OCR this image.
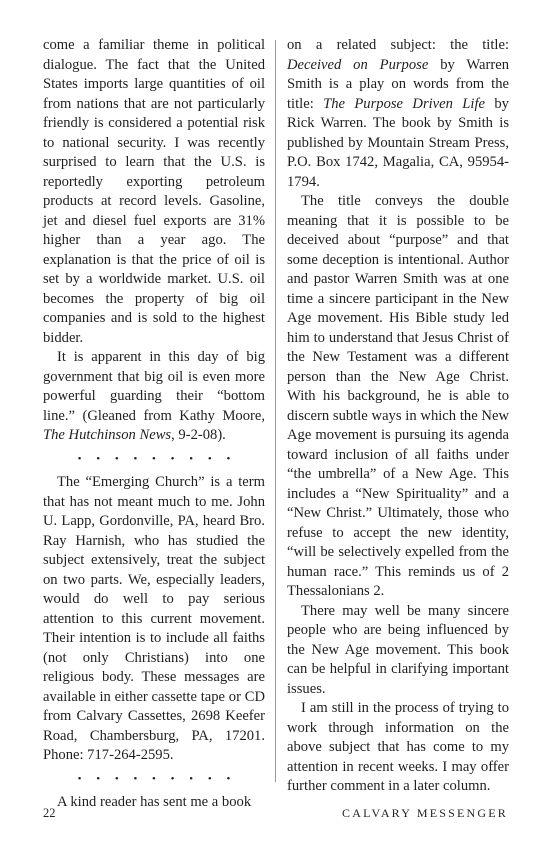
come a familiar theme in political dialogue. The fact that the United States imports large quantities of oil from nations that are not particularly friendly is considered a potential risk to national security. I was recently surprised to learn that the U.S. is reportedly exporting petroleum products at record levels. Gasoline, jet and diesel fuel exports are 31% higher than a year ago. The explanation is that the price of oil is set by a worldwide market. U.S. oil becomes the property of big oil companies and is sold to the highest bidder.

It is apparent in this day of big government that big oil is even more powerful guarding their “bottom line.” (Gleaned from Kathy Moore, The Hutchinson News, 9-2-08).

• • • • • • • • •

The “Emerging Church” is a term that has not meant much to me. John U. Lapp, Gordonville, PA, heard Bro. Ray Harnish, who has studied the subject extensively, treat the subject on two parts. We, especially leaders, would do well to pay serious attention to this current movement. Their intention is to include all faiths (not only Christians) into one religious body. These messages are available in either cassette tape or CD from Calvary Cassettes, 2698 Keefer Road, Chambersburg, PA, 17201. Phone: 717-264-2595.

• • • • • • • • •

A kind reader has sent me a book

on a related subject: the title: Deceived on Purpose by Warren Smith is a play on words from the title: The Purpose Driven Life by Rick Warren. The book by Smith is published by Mountain Stream Press, P.O. Box 1742, Magalia, CA, 95954-1794.

The title conveys the double meaning that it is possible to be deceived about “purpose” and that some deception is intentional. Author and pastor Warren Smith was at one time a sincere participant in the New Age movement. His Bible study led him to understand that Jesus Christ of the New Testament was a different person than the New Age Christ. With his background, he is able to discern subtle ways in which the New Age movement is pursuing its agenda toward inclusion of all faiths under “the umbrella” of a New Age. This includes a “New Spirituality” and a “New Christ.” Ultimately, those who refuse to accept the new identity, “will be selectively expelled from the human race.” This reminds us of 2 Thessalonians 2.

There may well be many sincere people who are being influenced by the New Age movement. This book can be helpful in clarifying important issues.

I am still in the process of trying to work through information on the above subject that has come to my attention in recent weeks. I may offer further comment in a later column.

22	CALVARY MESSENGER
